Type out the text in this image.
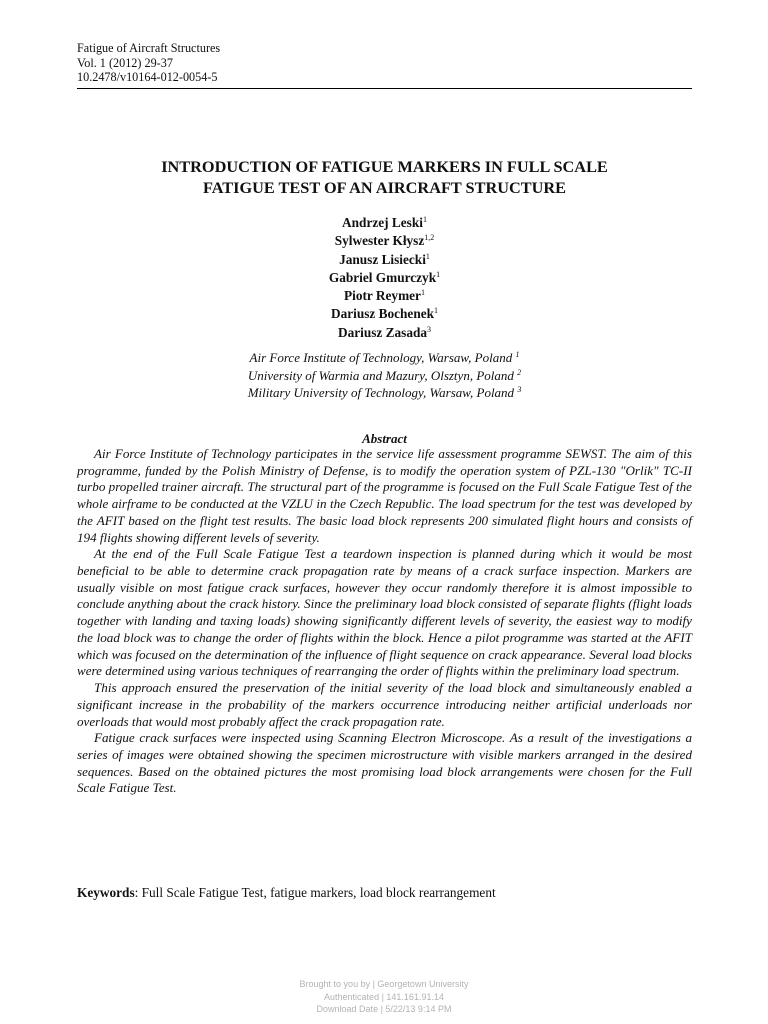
Fatigue of Aircraft Structures
Vol. 1 (2012) 29-37
10.2478/v10164-012-0054-5
INTRODUCTION OF FATIGUE MARKERS IN FULL SCALE
FATIGUE TEST OF AN AIRCRAFT STRUCTURE
Andrzej Leski$^1$
Sylwester Kłysz$^{1,2}$
Janusz Lisiecki$^1$
Gabriel Gmurczyk$^1$
Piotr Reymer$^1$
Dariusz Bochenek$^1$
Dariusz Zasada$^3$
Air Force Institute of Technology, Warsaw, Poland $^1$
University of Warmia and Mazury, Olsztyn, Poland $^2$
Military University of Technology, Warsaw, Poland $^3$
Abstract

Air Force Institute of Technology participates in the service life assessment programme SEWST. The aim of this programme, funded by the Polish Ministry of Defense, is to modify the operation system of PZL-130 "Orlik" TC-II turbo propelled trainer aircraft. The structural part of the programme is focused on the Full Scale Fatigue Test of the whole airframe to be conducted at the VZLU in the Czech Republic. The load spectrum for the test was developed by the AFIT based on the flight test results. The basic load block represents 200 simulated flight hours and consists of 194 flights showing different levels of severity.

At the end of the Full Scale Fatigue Test a teardown inspection is planned during which it would be most beneficial to be able to determine crack propagation rate by means of a crack surface inspection. Markers are usually visible on most fatigue crack surfaces, however they occur randomly therefore it is almost impossible to conclude anything about the crack history. Since the preliminary load block consisted of separate flights (flight loads together with landing and taxing loads) showing significantly different levels of severity, the easiest way to modify the load block was to change the order of flights within the block. Hence a pilot programme was started at the AFIT which was focused on the determination of the influence of flight sequence on crack appearance. Several load blocks were determined using various techniques of rearranging the order of flights within the preliminary load spectrum.

This approach ensured the preservation of the initial severity of the load block and simultaneously enabled a significant increase in the probability of the markers occurrence introducing neither artificial underloads nor overloads that would most probably affect the crack propagation rate.

Fatigue crack surfaces were inspected using Scanning Electron Microscope. As a result of the investigations a series of images were obtained showing the specimen microstructure with visible markers arranged in the desired sequences. Based on the obtained pictures the most promising load block arrangements were chosen for the Full Scale Fatigue Test.

Keywords: Full Scale Fatigue Test, fatigue markers, load block rearrangement
Brought to you by | Georgetown University
Authenticated | 141.161.91.14
Download Date | 5/22/13 9:14 PM
